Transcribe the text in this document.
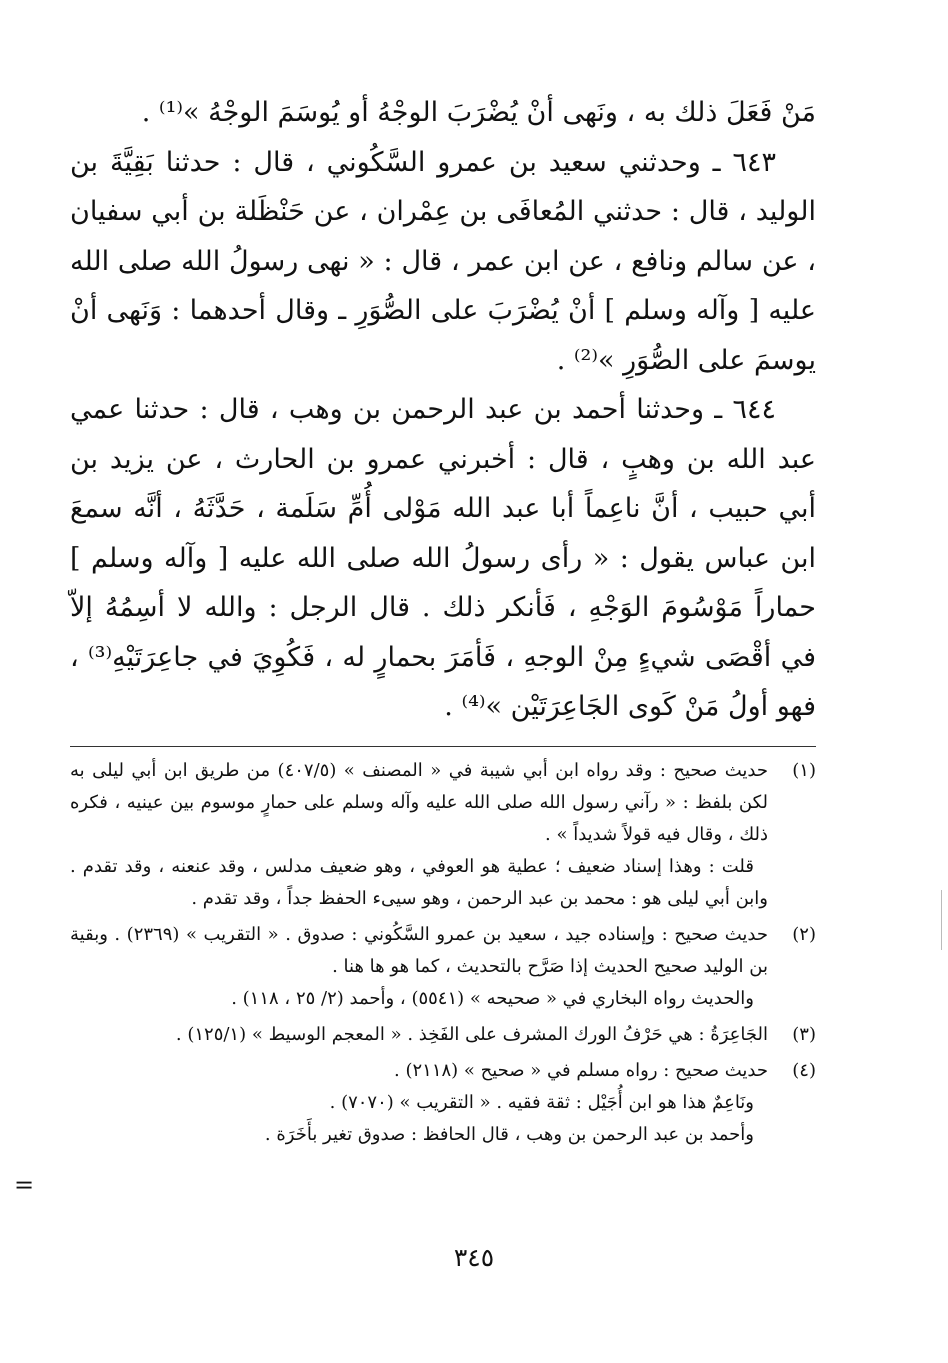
مَنْ فَعَلَ ذلك به ، ونَهى أنْ يُضْرَبَ الوجْهُ أو يُوسَمَ الوجْهُ »⁽¹⁾ .

٦٤٣ ـ وحدثني سعيد بن عمرو السَّكُوني ، قال : حدثنا بَقِيَّةَ بن الوليد ، قال : حدثني المُعافَى بن عِمْران ، عن حَنْظَلة بن أبي سفيان ، عن سالم ونافع ، عن ابن عمر ، قال : « نهى رسولُ الله صلى الله عليه [ وآله وسلم ] أنْ يُضْرَبَ على الصُّوَرِ ـ وقال أحدهما : وَنَهى أنْ يوسمَ على الصُّوَرِ »⁽²⁾ .

٦٤٤ ـ وحدثنا أحمد بن عبد الرحمن بن وهب ، قال : حدثنا عمي عبد الله بن وهبٍ ، قال : أخبرني عمرو بن الحارث ، عن يزيد بن أبي حبيب ، أنَّ ناعِماً أبا عبد الله مَوْلى أُمِّ سَلَمة ، حَدَّثَهُ ، أنَّه سمعَ ابن عباس يقول : « رأى رسولُ الله صلى الله عليه [ وآله وسلم ] حماراً مَوْسُومَ الوَجْهِ ، فَأنكر ذلك . قال الرجل : والله لا أسِمُهُ إلاّ في أقْصَى شيءٍ مِنْ الوجهِ ، فَأمَرَ بحمارٍ له ، فَكُوِيَ في جاعِرَتَيْهِ⁽³⁾ ، فهو أولُ مَنْ كَوى الجَاعِرَتَيْن »⁽⁴⁾ .

(١)

حديث صحيح : وقد رواه ابن أبي شيبة في « المصنف » (٤٠٧/٥) من طريق ابن أبي ليلى به لكن بلفظ : « رآني رسول الله صلى الله عليه وآله وسلم على حمارٍ موسوم بين عينيه ، فكره ذلك ، وقال فيه قولاً شديداً » .

قلت : وهذا إسناد ضعيف ؛ عطية هو العوفي ، وهو ضعيف مدلس ، وقد عنعنه ، وقد تقدم . وابن أبي ليلى هو : محمد بن عبد الرحمن ، وهو سيىء الحفظ جداً ، وقد تقدم .

(٢)

حديث صحيح : وإسناده جيد ، سعيد بن عمرو السَّكُوني : صدوق . « التقريب » (٢٣٦٩) . وبقية بن الوليد صحيح الحديث إذا صَرَّح بالتحديث ، كما هو ها هنا .

والحديث رواه البخاري في « صحيحه » (٥٥٤١) ، وأحمد (٢/ ٢٥ ، ١١٨) .

(٣)

الجَاعِرَةُ : هي حَرْفُ الورك المشرف على الفَخِذ . « المعجم الوسيط » (١٢٥/١) .

(٤)

حديث صحيح : رواه مسلم في « صحيح » (٢١١٨) .

ونَاعِمٌ هذا هو ابن أُجَيْل : ثقة فقيه . « التقريب » (٧٠٧٠) .

وأحمد بن عبد الرحمن بن وهب ، قال الحافظ : صدوق تغير بأَخَرَة .

=
٣٤٥
